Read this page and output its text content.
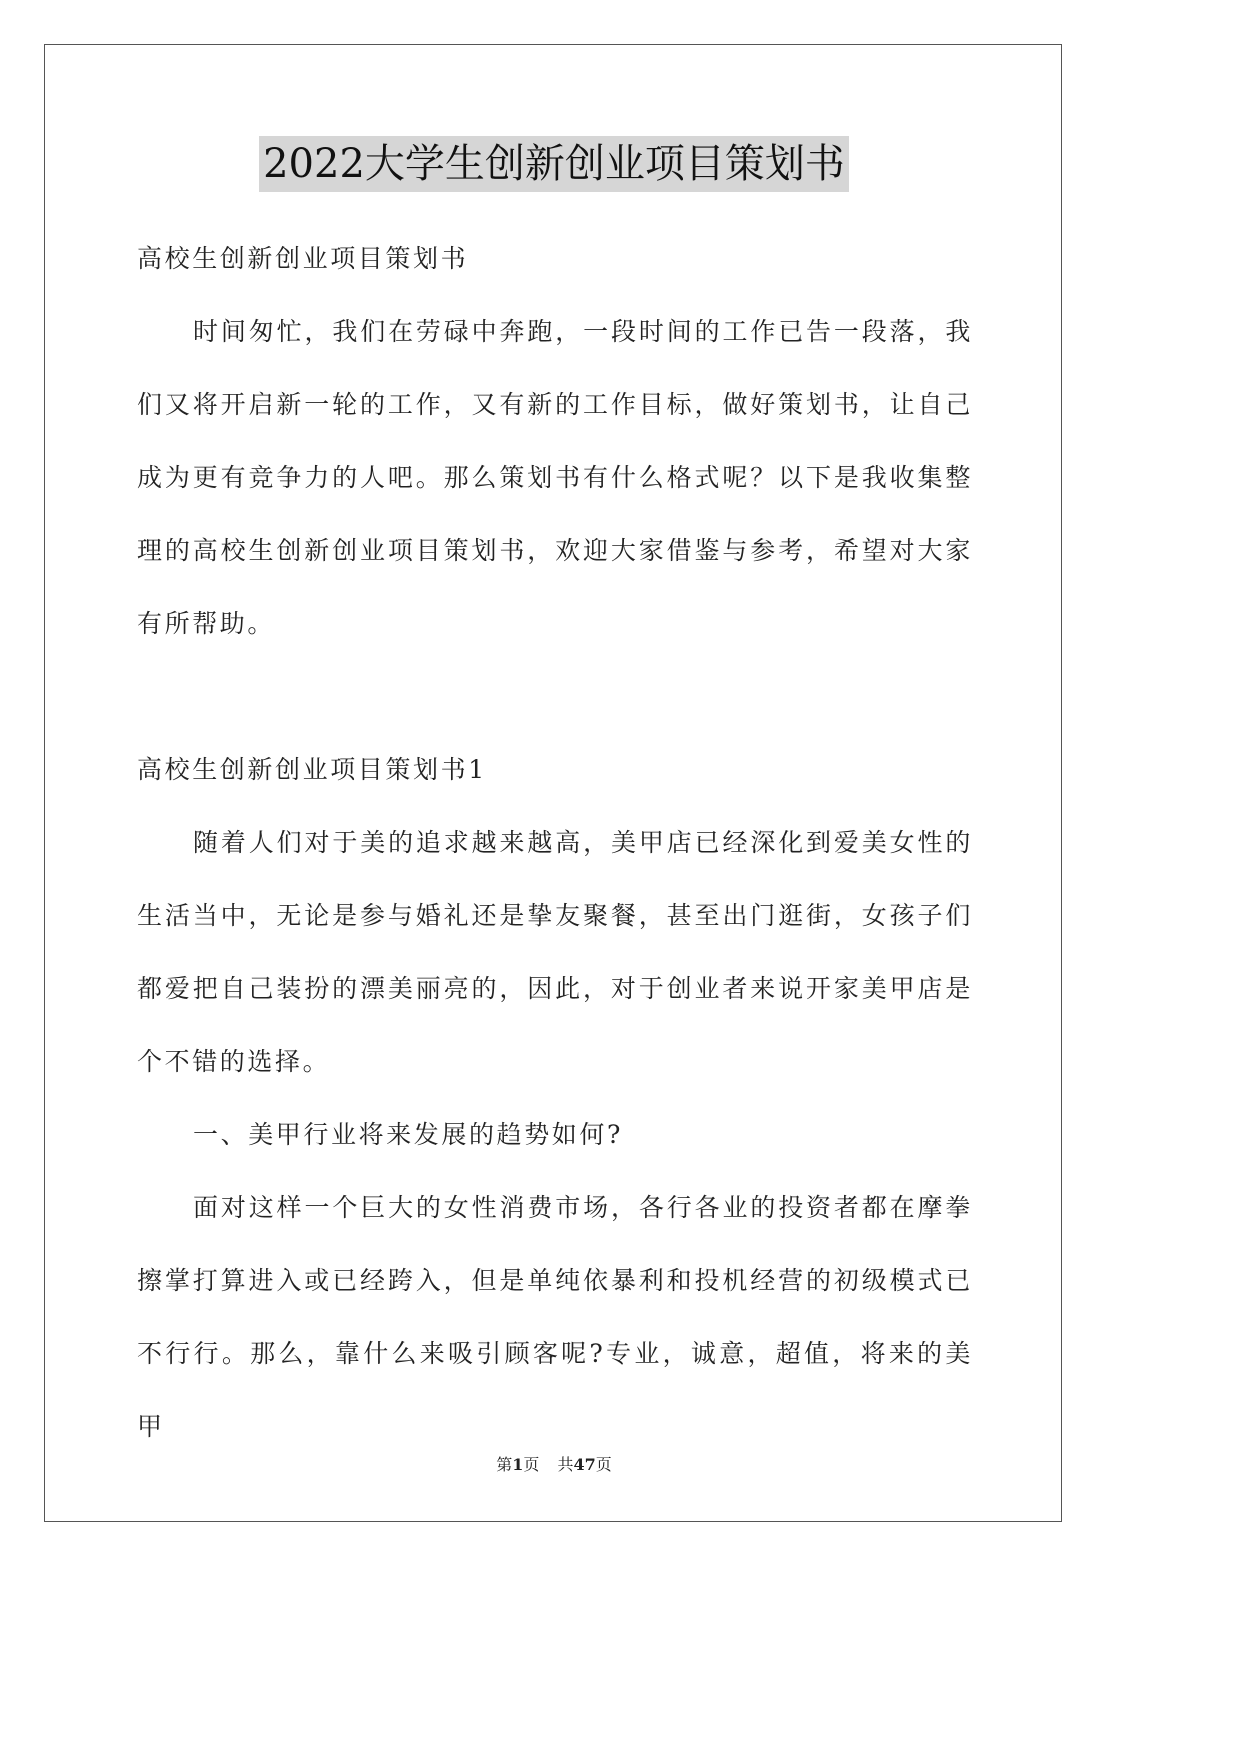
2022大学生创新创业项目策划书

高校生创新创业项目策划书

时间匆忙，我们在劳碌中奔跑，一段时间的工作已告一段落，我们又将开启新一轮的工作，又有新的工作目标，做好策划书，让自己成为更有竞争力的人吧。那么策划书有什么格式呢？以下是我收集整理的高校生创新创业项目策划书，欢迎大家借鉴与参考，希望对大家有所帮助。

高校生创新创业项目策划书1

随着人们对于美的追求越来越高，美甲店已经深化到爱美女性的生活当中，无论是参与婚礼还是挚友聚餐，甚至出门逛街，女孩子们都爱把自己装扮的漂美丽亮的，因此，对于创业者来说开家美甲店是个不错的选择。

一、美甲行业将来发展的趋势如何?

面对这样一个巨大的女性消费市场，各行各业的投资者都在摩拳擦掌打算进入或已经跨入，但是单纯依暴利和投机经营的初级模式已不行行。那么，靠什么来吸引顾客呢?专业，诚意，超值，将来的美甲

第1页 共47页
